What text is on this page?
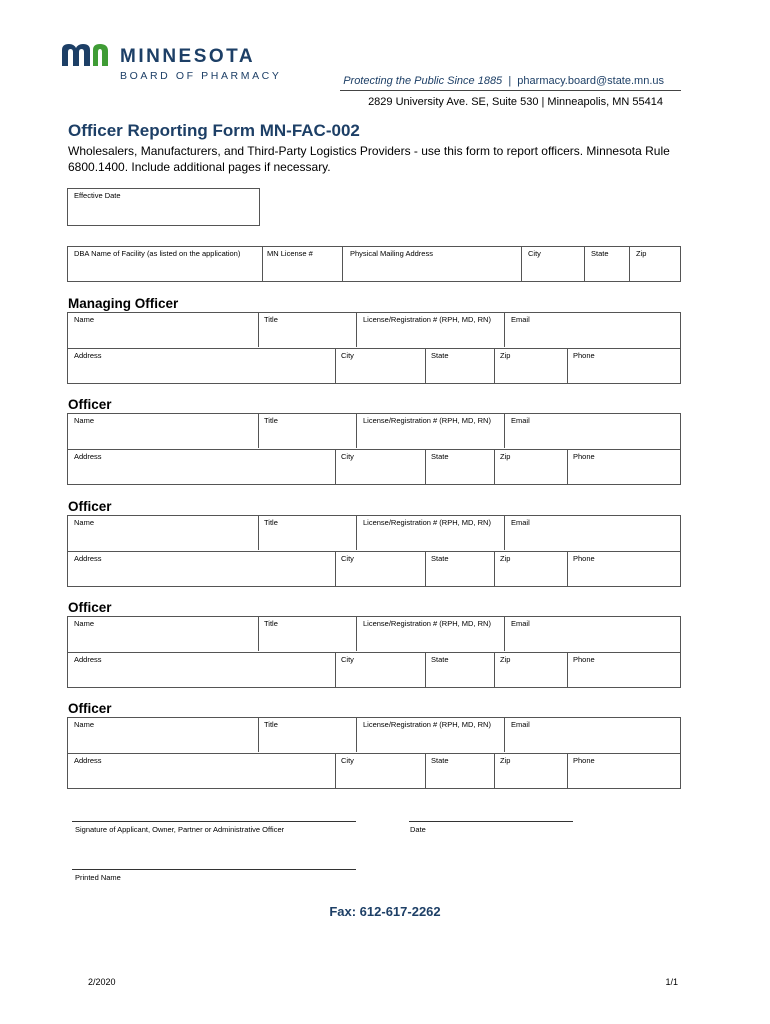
MINNESOTA
BOARD OF PHARMACY	Protecting the Public Since 1885 | pharmacy.board@state.mn.us
2829 University Ave. SE, Suite 530 | Minneapolis, MN 55414
Officer Reporting Form MN-FAC-002
Wholesalers, Manufacturers, and Third-Party Logistics Providers - use this form to report officers. Minnesota Rule 6800.1400. Include additional pages if necessary.
Effective Date
DBA Name of Facility (as listed on the application)	MN License #	Physical Mailing Address	City	State	Zip
Managing Officer
Name	Title	License/Registration # (RPH, MD, RN)	Email
Address	City	State	Zip	Phone
Officer
Name	Title	License/Registration # (RPH, MD, RN)	Email
Address	City	State	Zip	Phone
Officer
Name	Title	License/Registration # (RPH, MD, RN)	Email
Address	City	State	Zip	Phone
Officer
Name	Title	License/Registration # (RPH, MD, RN)	Email
Address	City	State	Zip	Phone
Officer
Name	Title	License/Registration # (RPH, MD, RN)	Email
Address	City	State	Zip	Phone
Signature of Applicant, Owner, Partner or Administrative Officer	Date
Printed Name
Fax: 612-617-2262
2/2020	1/1
